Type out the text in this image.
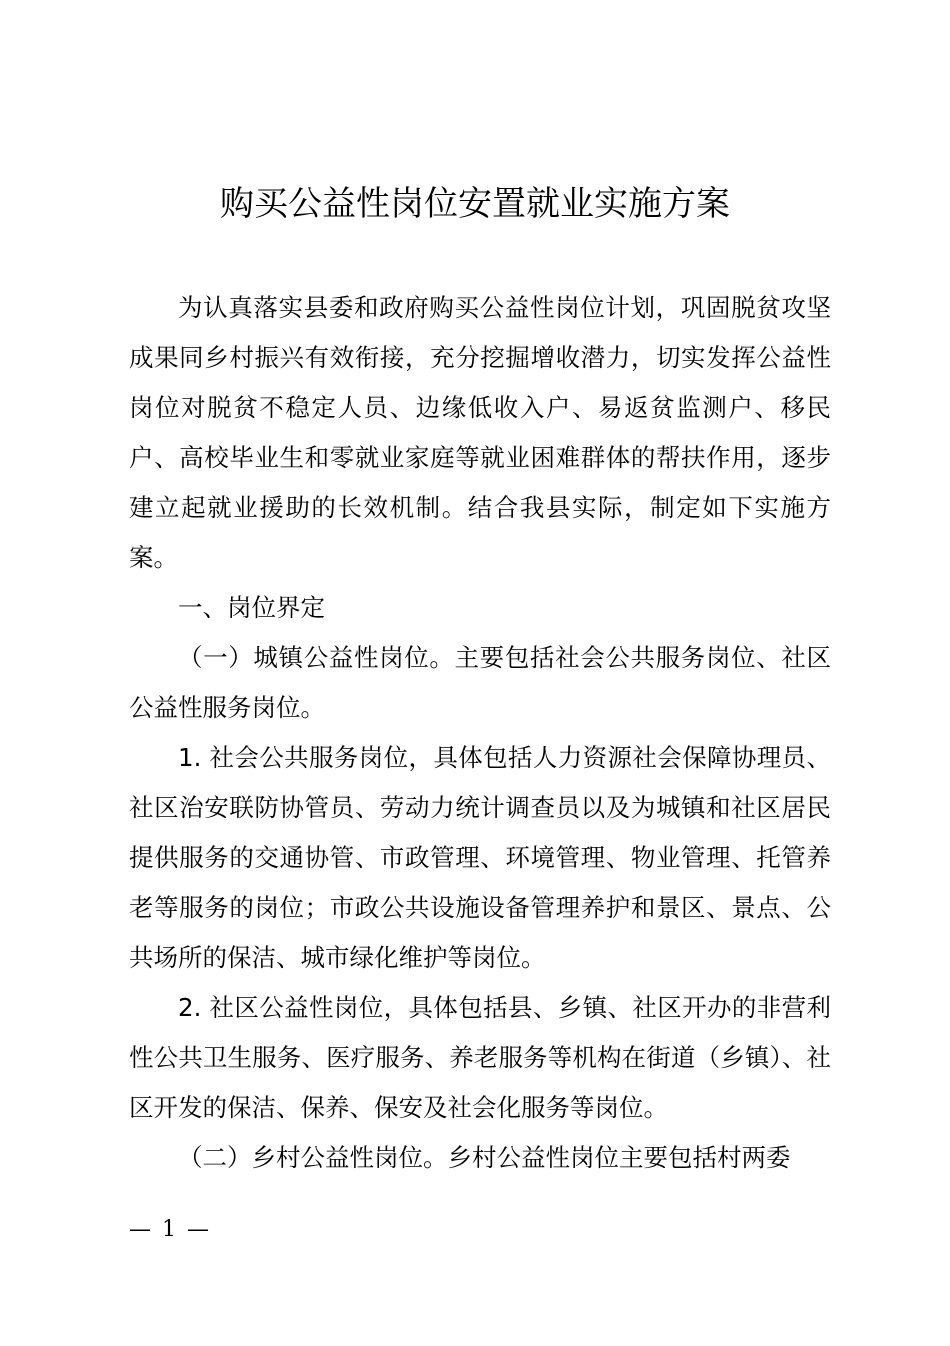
购买公益性岗位安置就业实施方案

为认真落实县委和政府购买公益性岗位计划，巩固脱贫攻坚成果同乡村振兴有效衔接，充分挖掘增收潜力，切实发挥公益性岗位对脱贫不稳定人员、边缘低收入户、易返贫监测户、移民户、高校毕业生和零就业家庭等就业困难群体的帮扶作用，逐步建立起就业援助的长效机制。结合我县实际，制定如下实施方案。

一、岗位界定

（一）城镇公益性岗位。主要包括社会公共服务岗位、社区公益性服务岗位。

1. 社会公共服务岗位，具体包括人力资源社会保障协理员、社区治安联防协管员、劳动力统计调查员以及为城镇和社区居民提供服务的交通协管、市政管理、环境管理、物业管理、托管养老等服务的岗位；市政公共设施设备管理养护和景区、景点、公共场所的保洁、城市绿化维护等岗位。

2. 社区公益性岗位，具体包括县、乡镇、社区开办的非营利性公共卫生服务、医疗服务、养老服务等机构在街道（乡镇）、社区开发的保洁、保养、保安及社会化服务等岗位。

（二）乡村公益性岗位。乡村公益性岗位主要包括村两委

— 1 —
